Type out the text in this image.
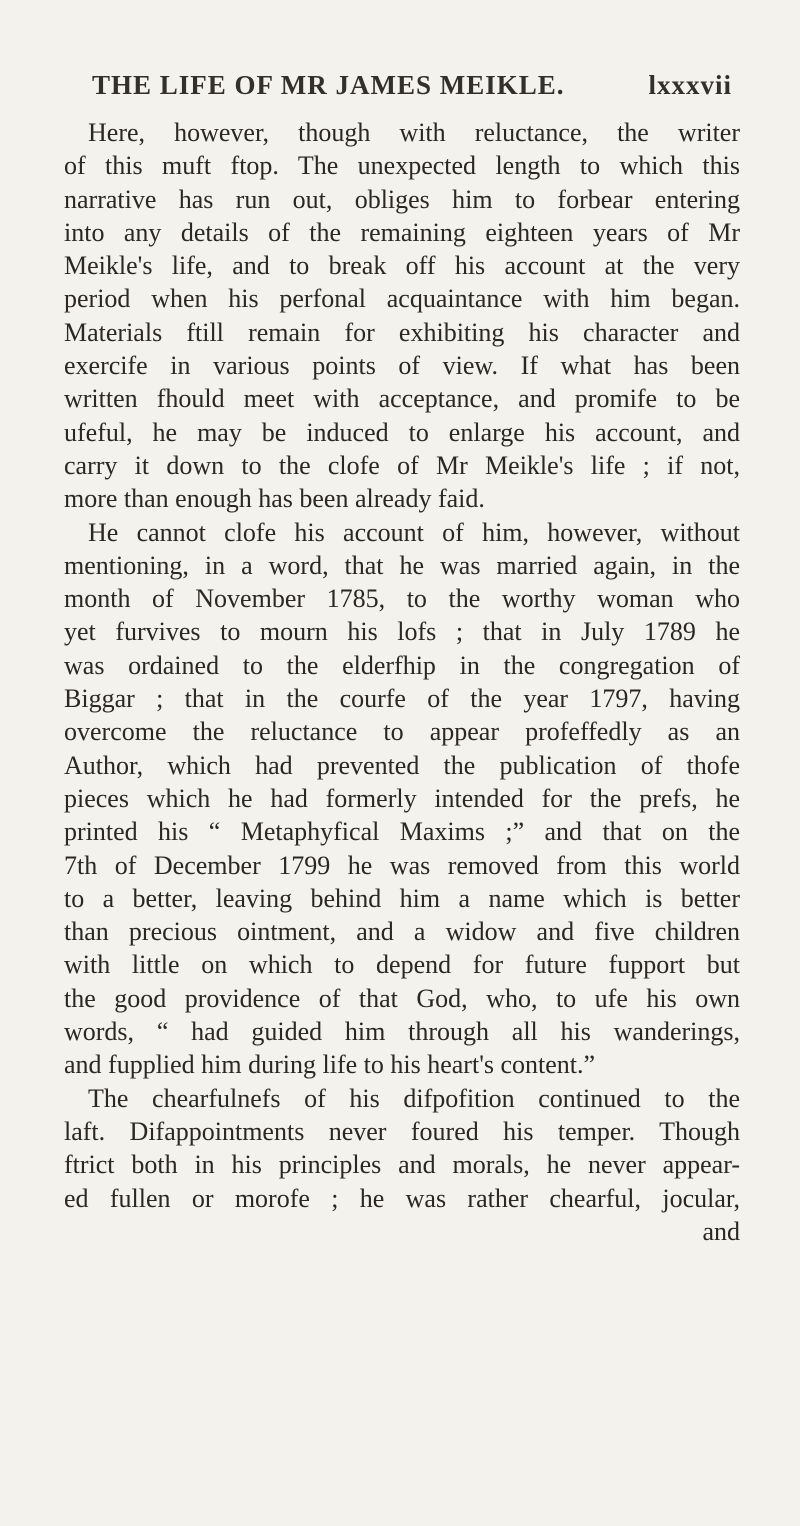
THE LIFE OF MR JAMES MEIKLE.	lxxxvii
Here, however, though with reluctance, the writer
of this muft ftop. The unexpected length to which this
narrative has run out, obliges him to forbear entering
into any details of the remaining eighteen years of Mr
Meikle's life, and to break off his account at the very
period when his perfonal acquaintance with him began.
Materials ftill remain for exhibiting his character and
exercife in various points of view. If what has been
written fhould meet with acceptance, and promife to be
ufeful, he may be induced to enlarge his account, and
carry it down to the clofe of Mr Meikle's life ; if not,
more than enough has been already faid.
He cannot clofe his account of him, however, without
mentioning, in a word, that he was married again, in the
month of November 1785, to the worthy woman who
yet furvives to mourn his lofs ; that in July 1789 he
was ordained to the elderfhip in the congregation of
Biggar ; that in the courfe of the year 1797, having
overcome the reluctance to appear profeffedly as an
Author, which had prevented the publication of thofe
pieces which he had formerly intended for the prefs, he
printed his “ Metaphyfical Maxims ;” and that on the
7th of December 1799 he was removed from this world
to a better, leaving behind him a name which is better
than precious ointment, and a widow and five children
with little on which to depend for future fupport but
the good providence of that God, who, to ufe his own
words, “ had guided him through all his wanderings,
and fupplied him during life to his heart's content.”
The chearfulnefs of his difpofition continued to the
laft. Difappointments never foured his temper. Though
ftrict both in his principles and morals, he never appear-
ed fullen or morofe ; he was rather chearful, jocular,
and
